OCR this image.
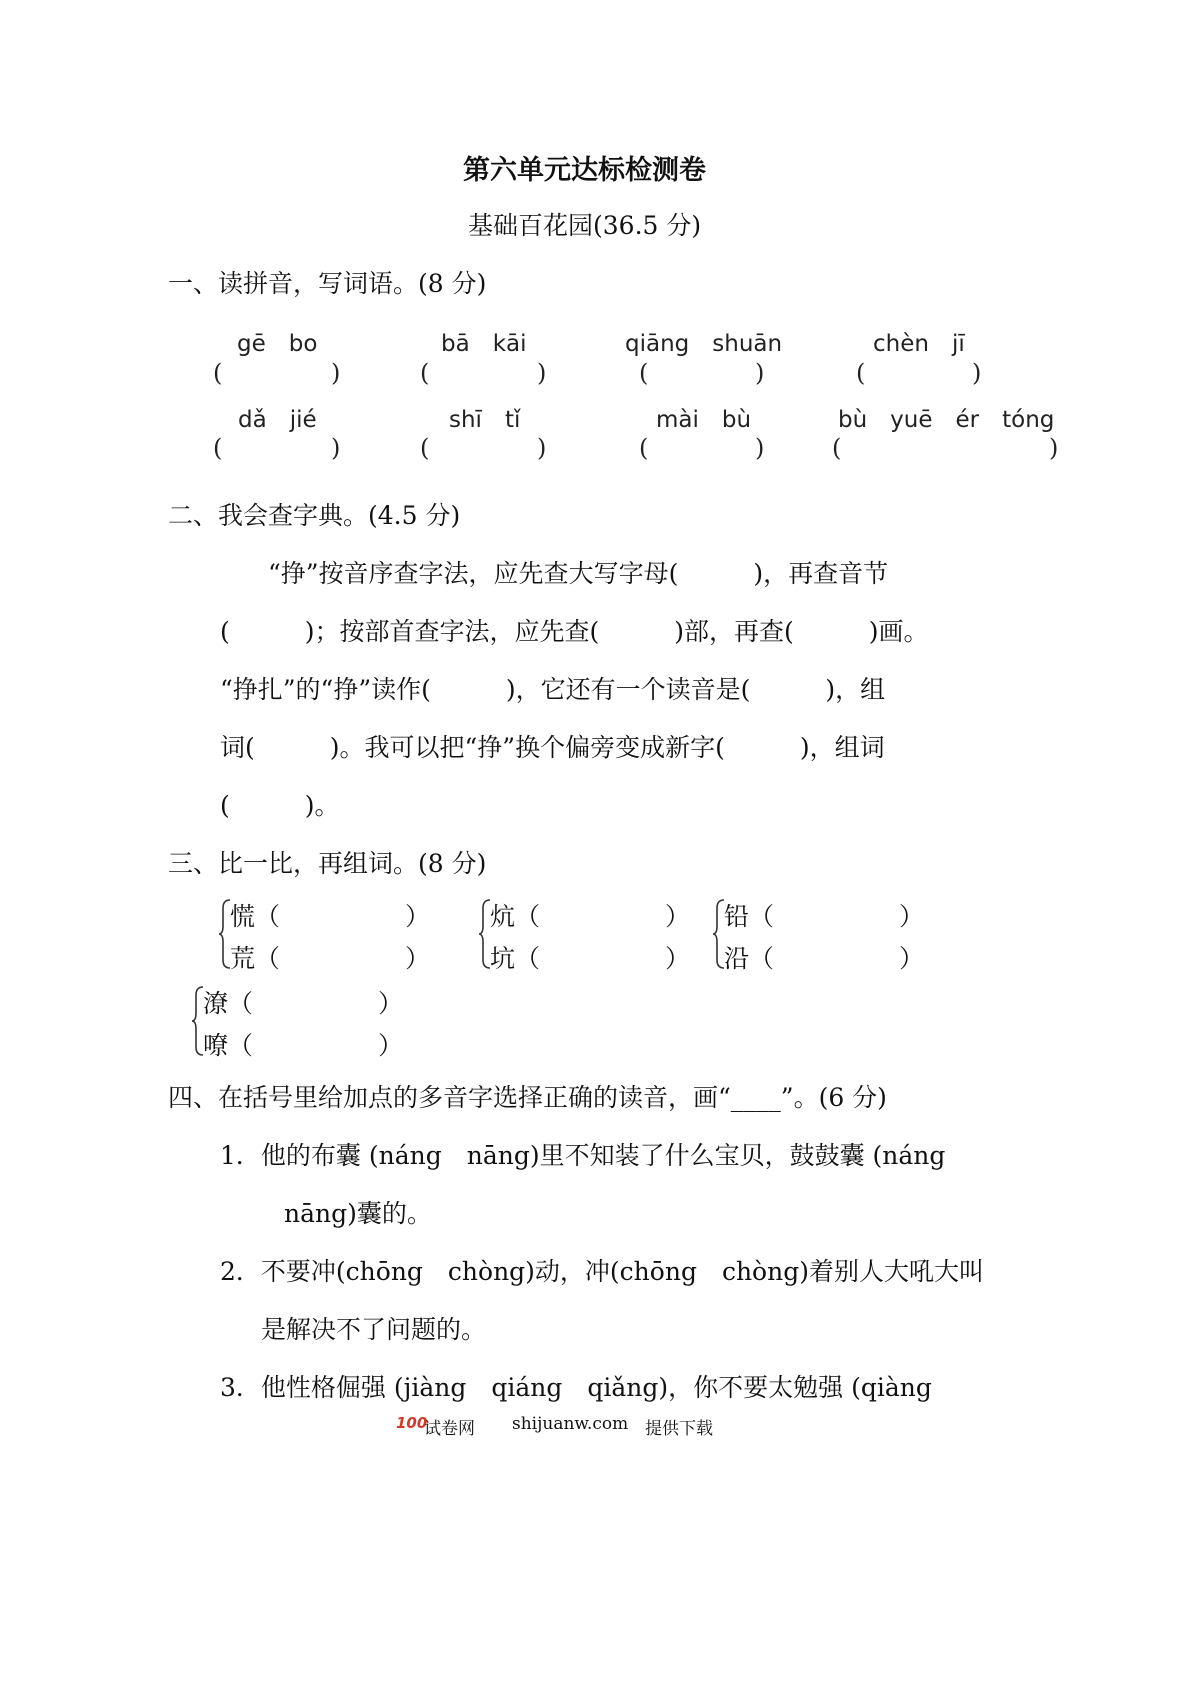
第六单元达标检测卷
基础百花园(36.5 分)
一、读拼音，写词语。(8 分)
gē　bo	bā　kāi	qiāng　shuān	chèn　jī
(	)	(	)	(	)	(	)
dǎ　jié	shī　tǐ	mài　bù	bù　yuē　ér　tóng
(	)	(	)	(	)	(	)
二、我会查字典。(4.5 分)
“挣”按音序查字法，应先查大写字母(　　　)，再查音节
(　　　)；按部首查字法，应先查(　　　)部，再查(　　　)画。
“挣扎”的“挣”读作(　　　)，它还有一个读音是(　　　)，组
词(　　　)。我可以把“挣”换个偏旁变成新字(　　　)，组词
(　　　)。
三、比一比，再组词。(8 分)
慌（　　　　　）
荒（　　　　　）
炕（　　　　　）
坑（　　　　　）
铅（　　　　　）
沿（　　　　　）
潦（　　　　　）
嘹（　　　　　）
四、在括号里给加点的多音字选择正确的读音，画“____”。(6 分)
1．他的布囊 (náng　nāng)里不知装了什么宝贝，鼓鼓囊 (náng
nāng)囊的。
2．不要冲(chōng　chòng)动，冲(chōng　chòng)着别人大吼大叫
是解决不了问题的。
3．他性格倔强 (jiàng　qiáng　qiǎng)，你不要太勉强 (qiàng
100
试卷网 shijuanw.com 提供下载
